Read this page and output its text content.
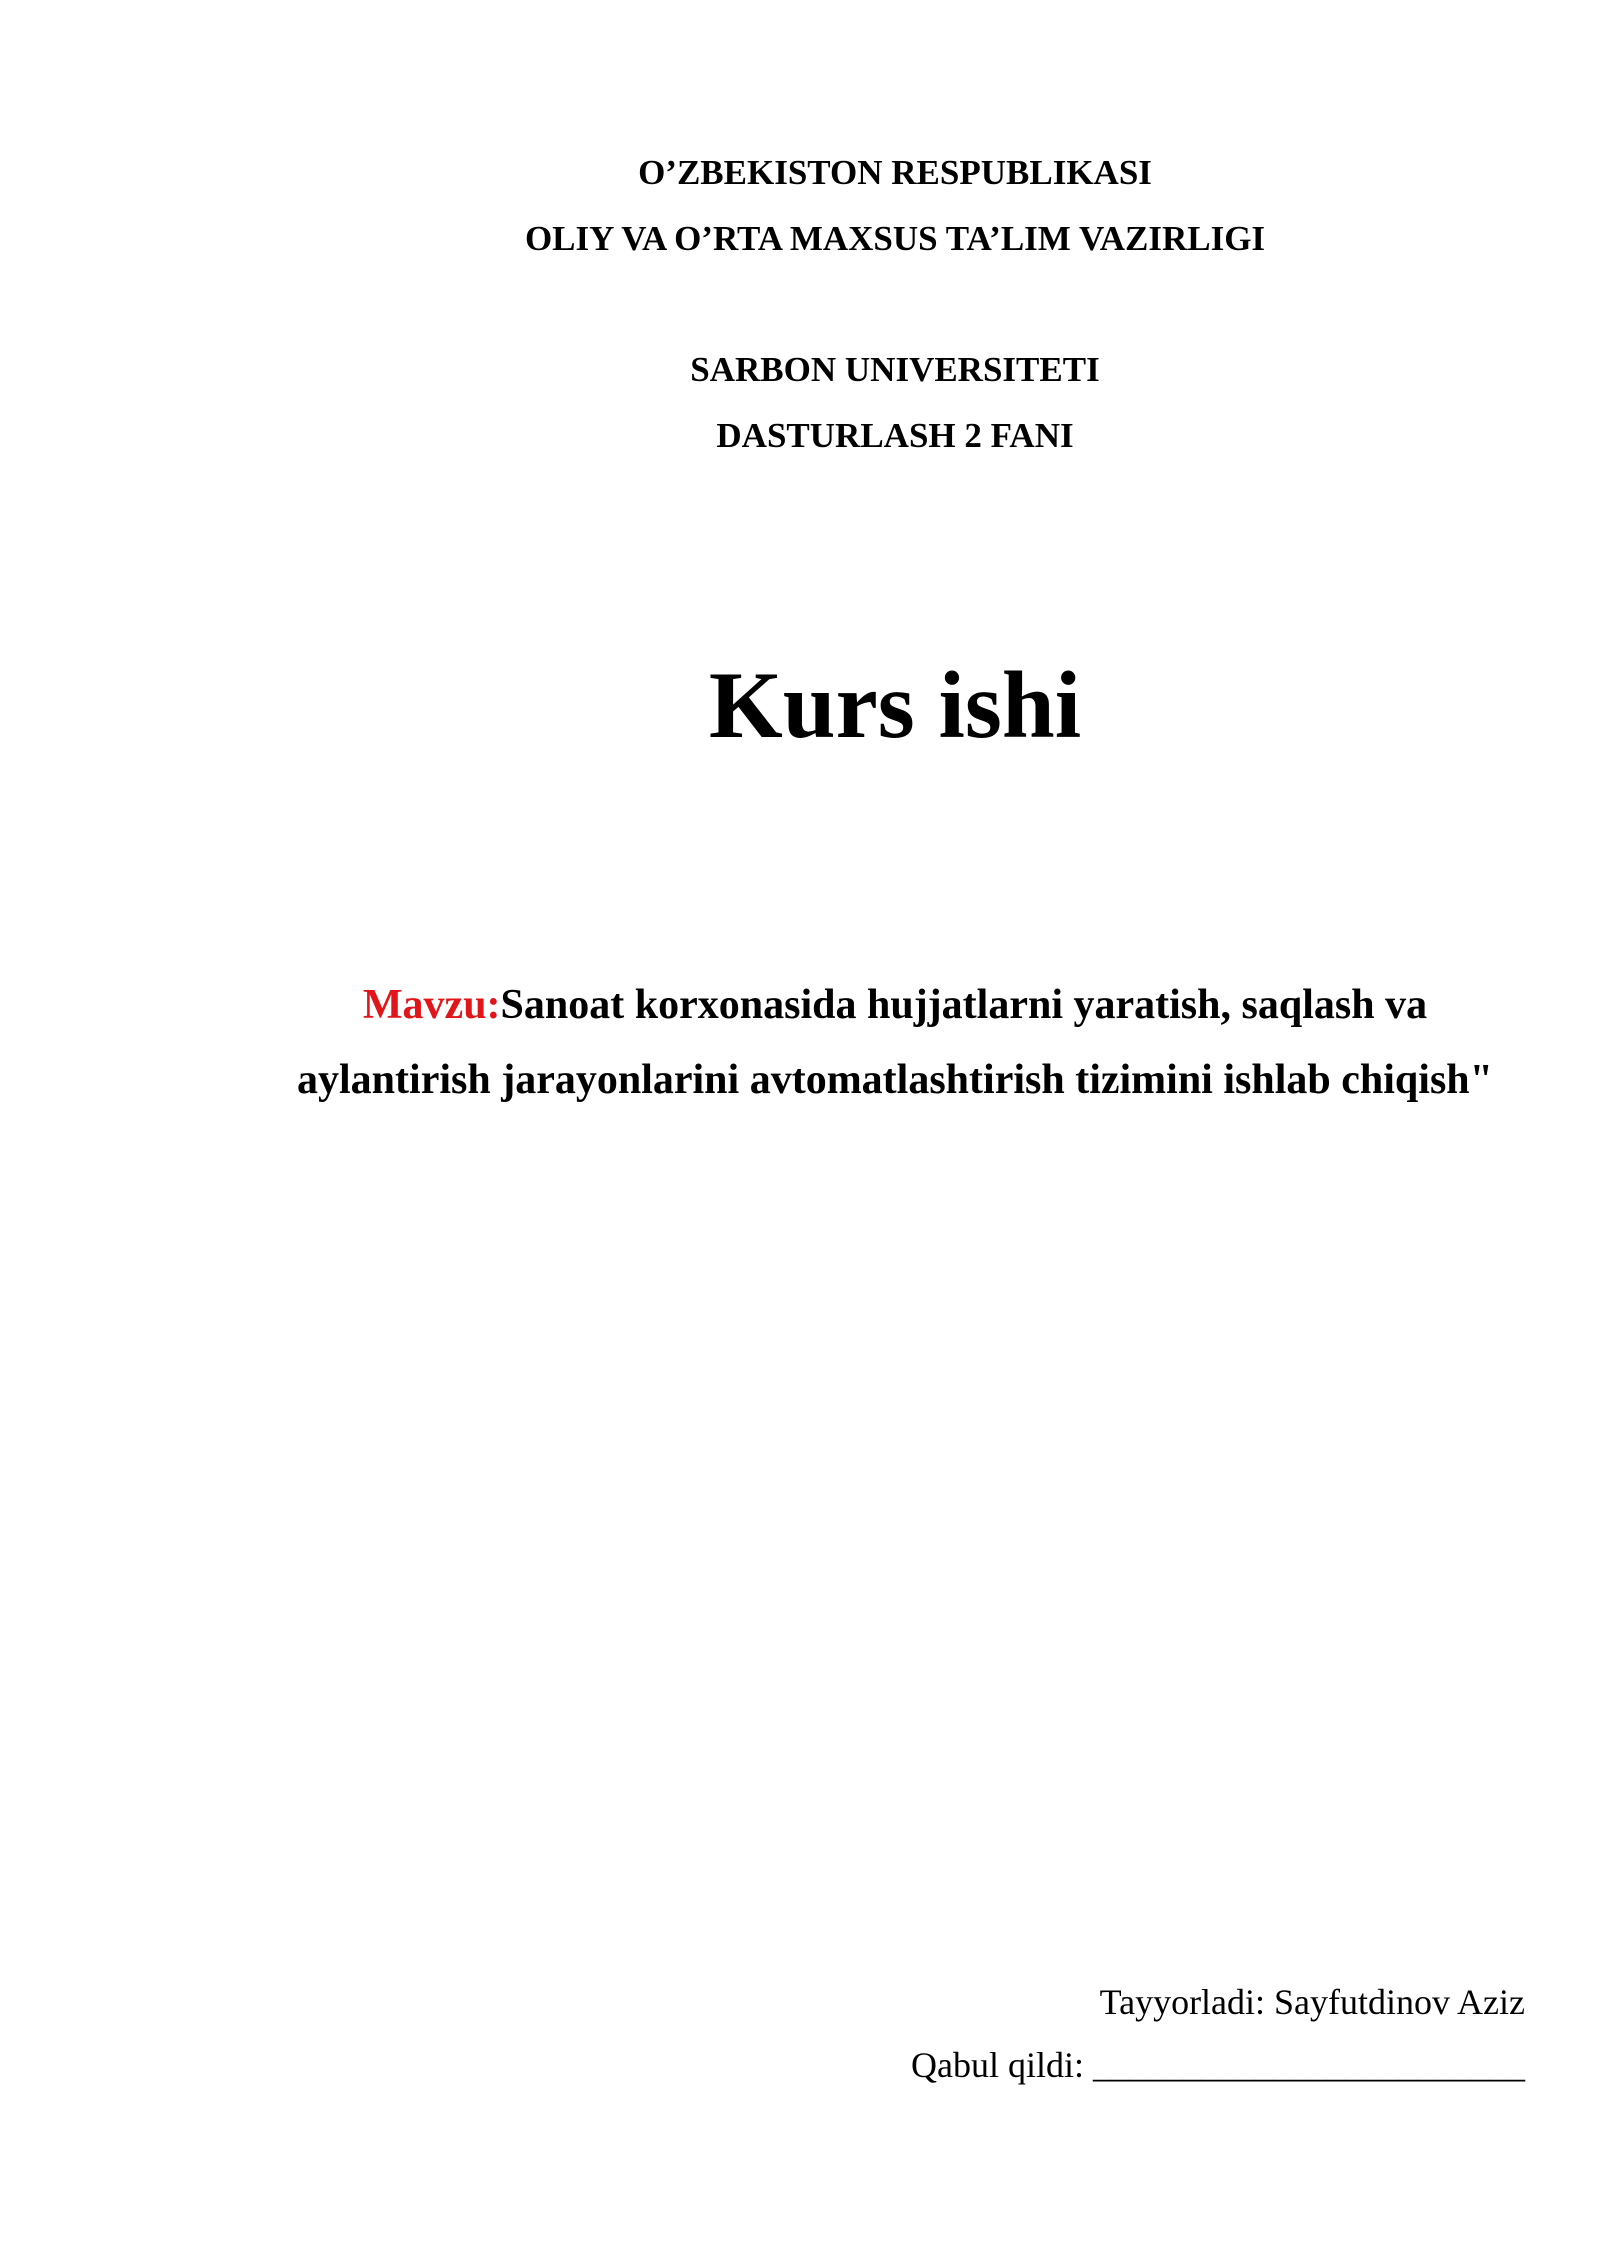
O’ZBEKISTON RESPUBLIKASI
OLIY VA O’RTA MAXSUS TA’LIM VAZIRLIGI
SARBON UNIVERSITETI
DASTURLASH 2 FANI
Kurs ishi
Mavzu:Sanoat korxonasida hujjatlarni yaratish, saqlash va
aylantirish jarayonlarini avtomatlashtirish tizimini ishlab chiqish"
Tayyorladi: Sayfutdinov Aziz
Qabul qildi: ________________________
